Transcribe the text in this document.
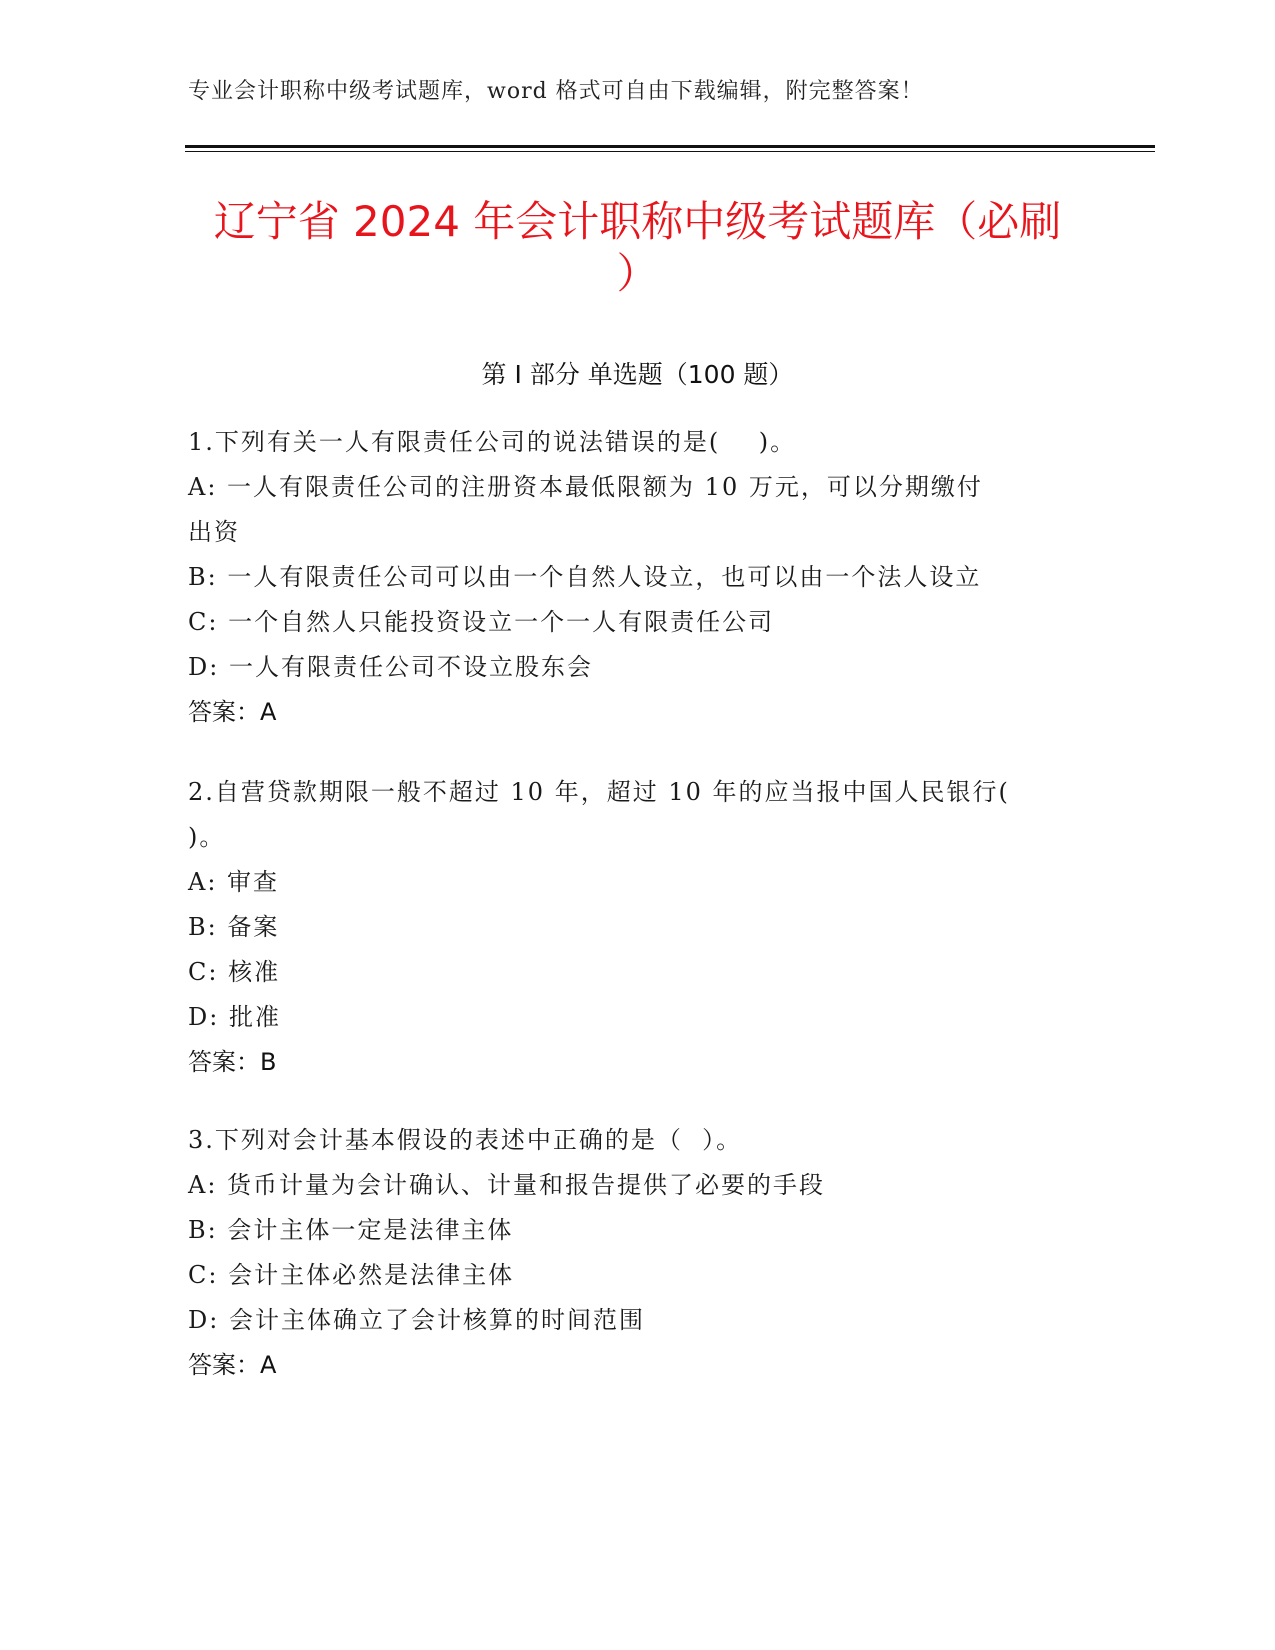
专业会计职称中级考试题库，word 格式可自由下载编辑，附完整答案！
辽宁省 2024 年会计职称中级考试题库（必刷
）
第 I 部分 单选题（100 题）
1.下列有关一人有限责任公司的说法错误的是(    )。
A: 一人有限责任公司的注册资本最低限额为 10 万元，可以分期缴付
出资
B: 一人有限责任公司可以由一个自然人设立，也可以由一个法人设立
C: 一个自然人只能投资设立一个一人有限责任公司
D: 一人有限责任公司不设立股东会
答案：A
2.自营贷款期限一般不超过 10 年，超过 10 年的应当报中国人民银行(
)。
A: 审查
B: 备案
C: 核准
D: 批准
答案：B
3.下列对会计基本假设的表述中正确的是（  ）。
A: 货币计量为会计确认、计量和报告提供了必要的手段
B: 会计主体一定是法律主体
C: 会计主体必然是法律主体
D: 会计主体确立了会计核算的时间范围
答案：A
